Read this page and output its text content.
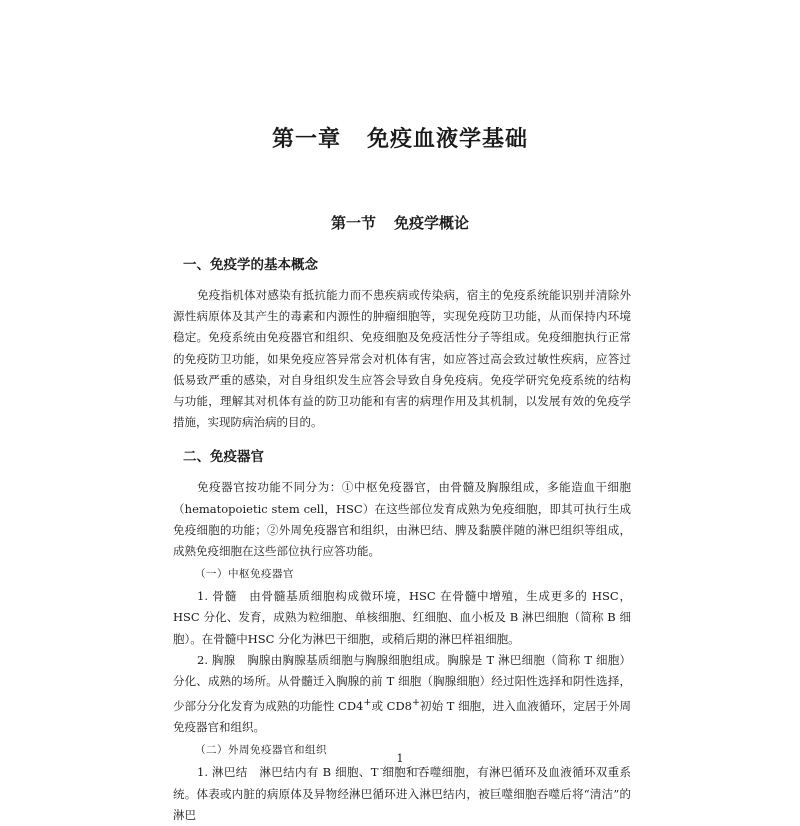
第一章 免疫血液学基础
第一节 免疫学概论
一、免疫学的基本概念

免疫指机体对感染有抵抗能力而不患疾病或传染病，宿主的免疫系统能识别并清除外源性病原体及其产生的毒素和内源性的肿瘤细胞等，实现免疫防卫功能，从而保持内环境稳定。免疫系统由免疫器官和组织、免疫细胞及免疫活性分子等组成。免疫细胞执行正常的免疫防卫功能，如果免疫应答异常会对机体有害，如应答过高会致过敏性疾病，应答过低易致严重的感染，对自身组织发生应答会导致自身免疫病。免疫学研究免疫系统的结构与功能，理解其对机体有益的防卫功能和有害的病理作用及其机制，以发展有效的免疫学措施，实现防病治病的目的。

二、免疫器官

免疫器官按功能不同分为：①中枢免疫器官，由骨髓及胸腺组成，多能造血干细胞（hematopoietic stem cell，HSC）在这些部位发育成熟为免疫细胞，即其可执行生成免疫细胞的功能；②外周免疫器官和组织，由淋巴结、脾及黏膜伴随的淋巴组织等组成，成熟免疫细胞在这些部位执行应答功能。

（一）中枢免疫器官

1. 骨髓　由骨髓基质细胞构成微环境，HSC 在骨髓中增殖，生成更多的 HSC，HSC 分化、发育，成熟为粒细胞、单核细胞、红细胞、血小板及 B 淋巴细胞（简称 B 细胞）。在骨髓中HSC 分化为淋巴干细胞，或稍后期的淋巴样祖细胞。

2. 胸腺　胸腺由胸腺基质细胞与胸腺细胞组成。胸腺是 T 淋巴细胞（简称 T 细胞）分化、成熟的场所。从骨髓迁入胸腺的前 T 细胞（胸腺细胞）经过阳性选择和阴性选择，少部分分化发育为成熟的功能性 CD4+或 CD8+初始 T 细胞，进入血液循环，定居于外周免疫器官和组织。

（二）外周免疫器官和组织

1. 淋巴结　淋巴结内有 B 细胞、T 细胞和吞噬细胞，有淋巴循环及血液循环双重系统。体表或内脏的病原体及异物经淋巴循环进入淋巴结内，被巨噬细胞吞噬后将“清洁”的淋巴

1
